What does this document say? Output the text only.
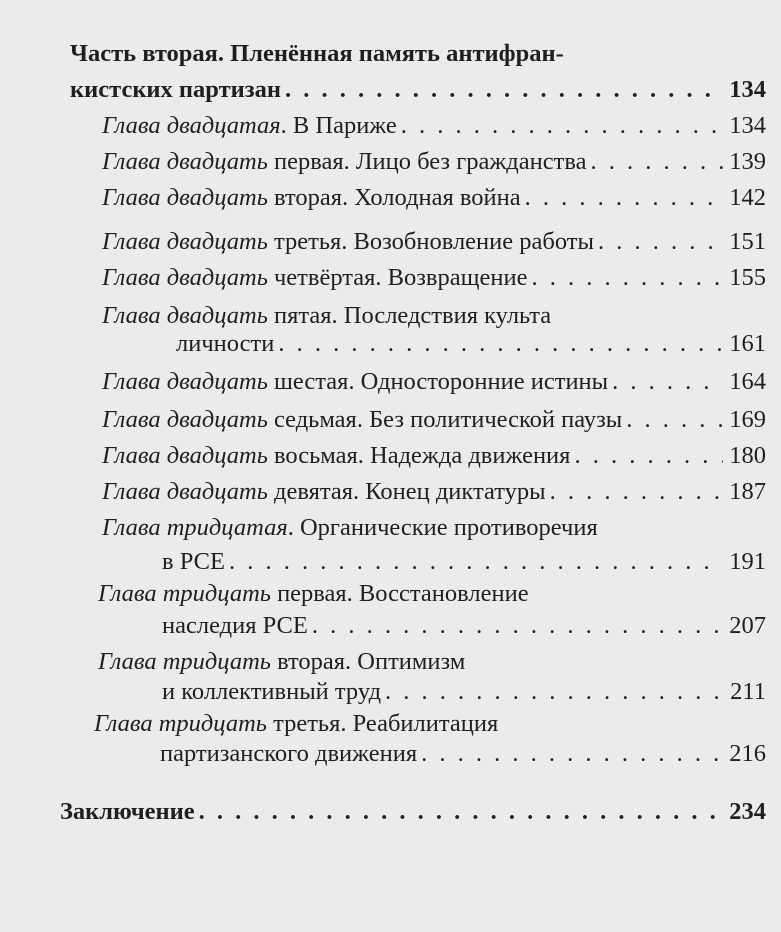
Часть вторая. Пленённая память антифран-
кистских партизан . . .	134
Глава двадцатая. В Париже . . .	134
Глава двадцать первая. Лицо без гражданства . . .	139
Глава двадцать вторая. Холодная война . . .	142
Глава двадцать третья. Возобновление работы . . .	151
Глава двадцать четвёртая. Возвращение . . .	155
Глава двадцать пятая. Последствия культа
личности . . .	161
Глава двадцать шестая. Односторонние истины . . .	164
Глава двадцать седьмая. Без политической паузы . . .	169
Глава двадцать восьмая. Надежда движения . . .	180
Глава двадцать девятая. Конец диктатуры . . .	187
Глава тридцатая. Органические противоречия
в РСЕ . . .	191
Глава тридцать первая. Восстановление
наследия РСЕ . . .	207
Глава тридцать вторая. Оптимизм
и коллективный труд . . .	211
Глава тридцать третья. Реабилитация
партизанского движения . . .	216
Заключение . . .	234
